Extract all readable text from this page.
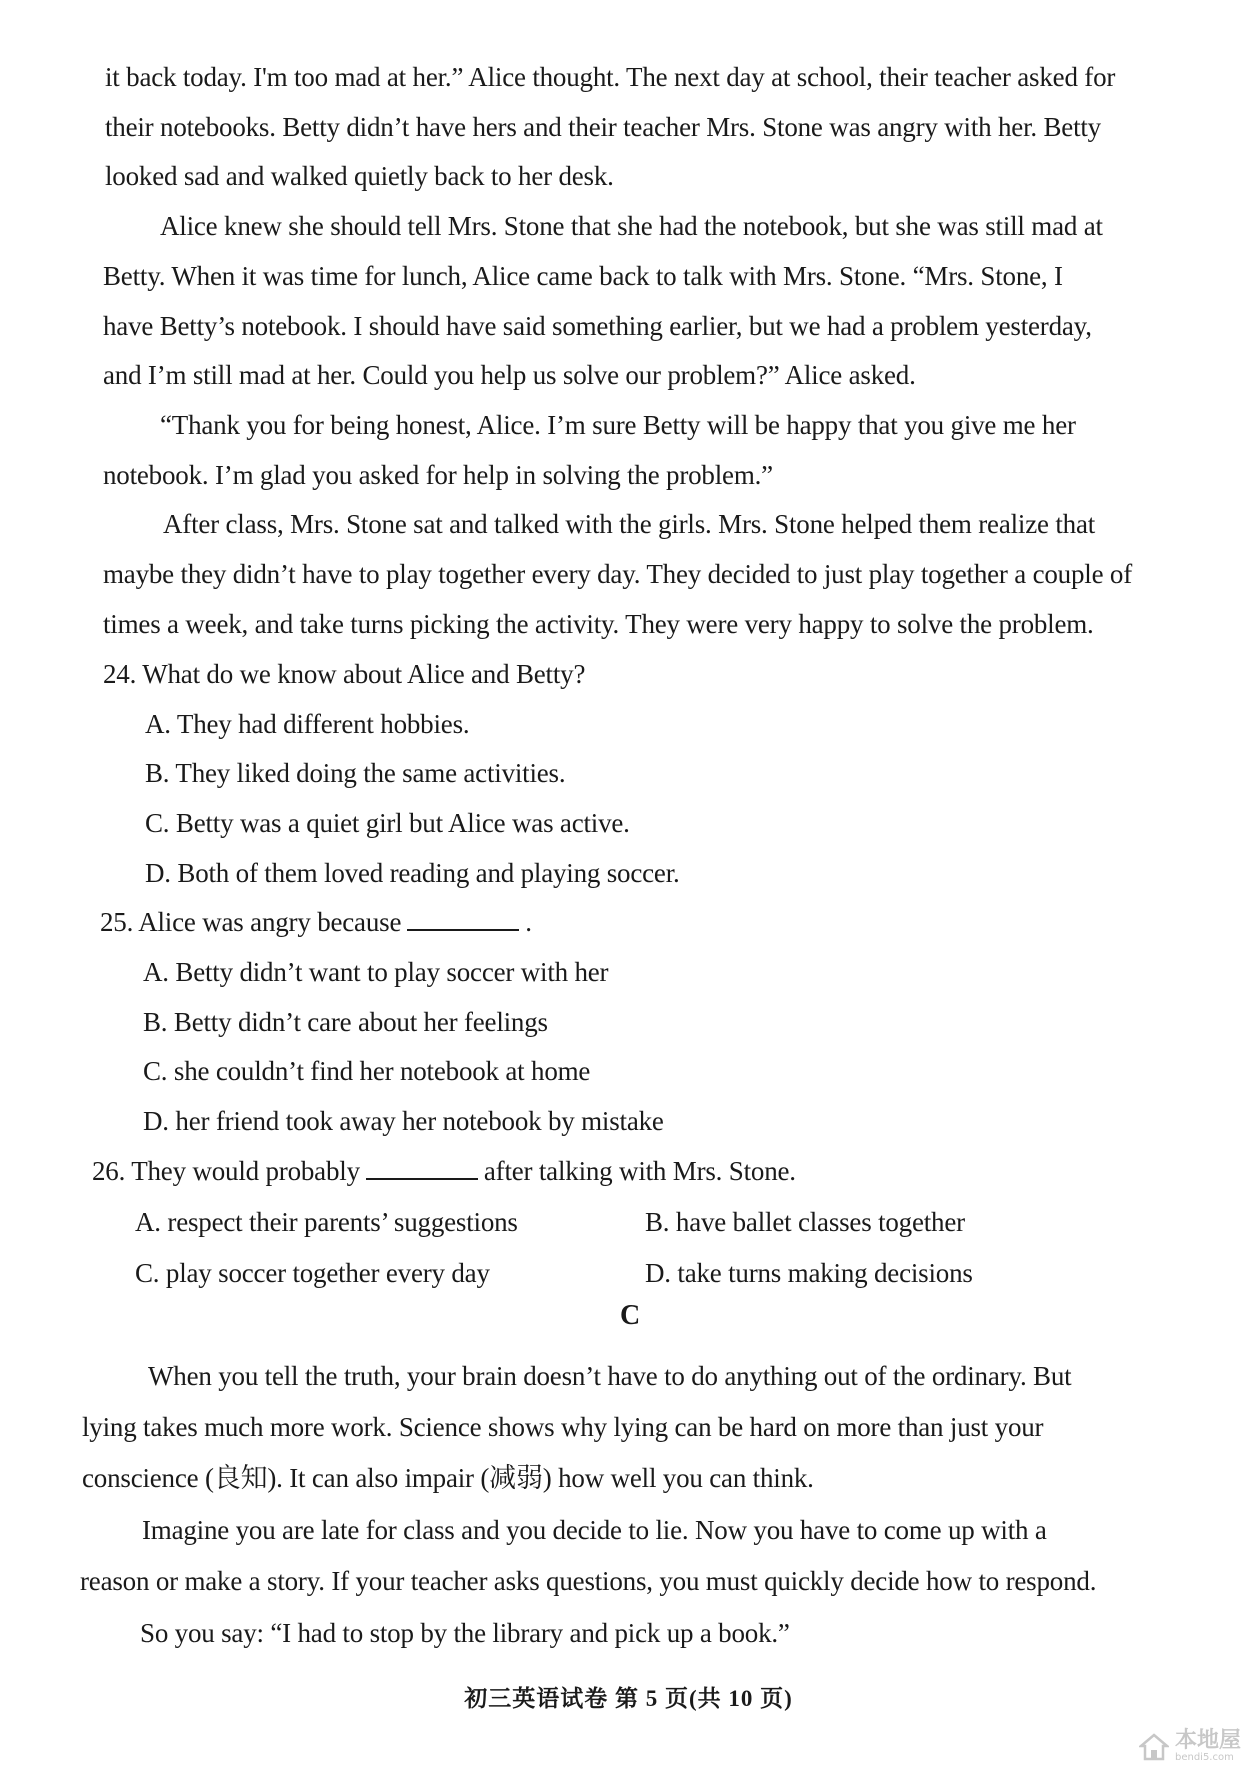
it back today. I'm too mad at her.” Alice thought. The next day at school, their teacher asked for
their notebooks. Betty didn’t have hers and their teacher Mrs. Stone was angry with her. Betty
looked sad and walked quietly back to her desk.
Alice knew she should tell Mrs. Stone that she had the notebook, but she was still mad at
Betty. When it was time for lunch, Alice came back to talk with Mrs. Stone. “Mrs. Stone, I
have Betty’s notebook. I should have said something earlier, but we had a problem yesterday,
and I’m still mad at her. Could you help us solve our problem?” Alice asked.
“Thank you for being honest, Alice. I’m sure Betty will be happy that you give me her
notebook. I’m glad you asked for help in solving the problem.”
After class, Mrs. Stone sat and talked with the girls. Mrs. Stone helped them realize that
maybe they didn’t have to play together every day. They decided to just play together a couple of
times a week, and take turns picking the activity. They were very happy to solve the problem.
24. What do we know about Alice and Betty?
A. They had different hobbies.
B. They liked doing the same activities.
C. Betty was a quiet girl but Alice was active.
D. Both of them loved reading and playing soccer.
25. Alice was angry because	.
A. Betty didn’t want to play soccer with her
B. Betty didn’t care about her feelings
C. she couldn’t find her notebook at home
D. her friend took away her notebook by mistake
26. They would probably	after talking with Mrs. Stone.
A. respect their parents’ suggestions	B. have ballet classes together
C. play soccer together every day	D. take turns making decisions
C
When you tell the truth, your brain doesn’t have to do anything out of the ordinary. But
lying takes much more work. Science shows why lying can be hard on more than just your
conscience (良知). It can also impair (减弱) how well you can think.
Imagine you are late for class and you decide to lie. Now you have to come up with a
reason or make a story. If your teacher asks questions, you must quickly decide how to respond.
So you say: “I had to stop by the library and pick up a book.”
初三英语试卷 第 5 页(共 10 页)
本地屋
bendi5.com
